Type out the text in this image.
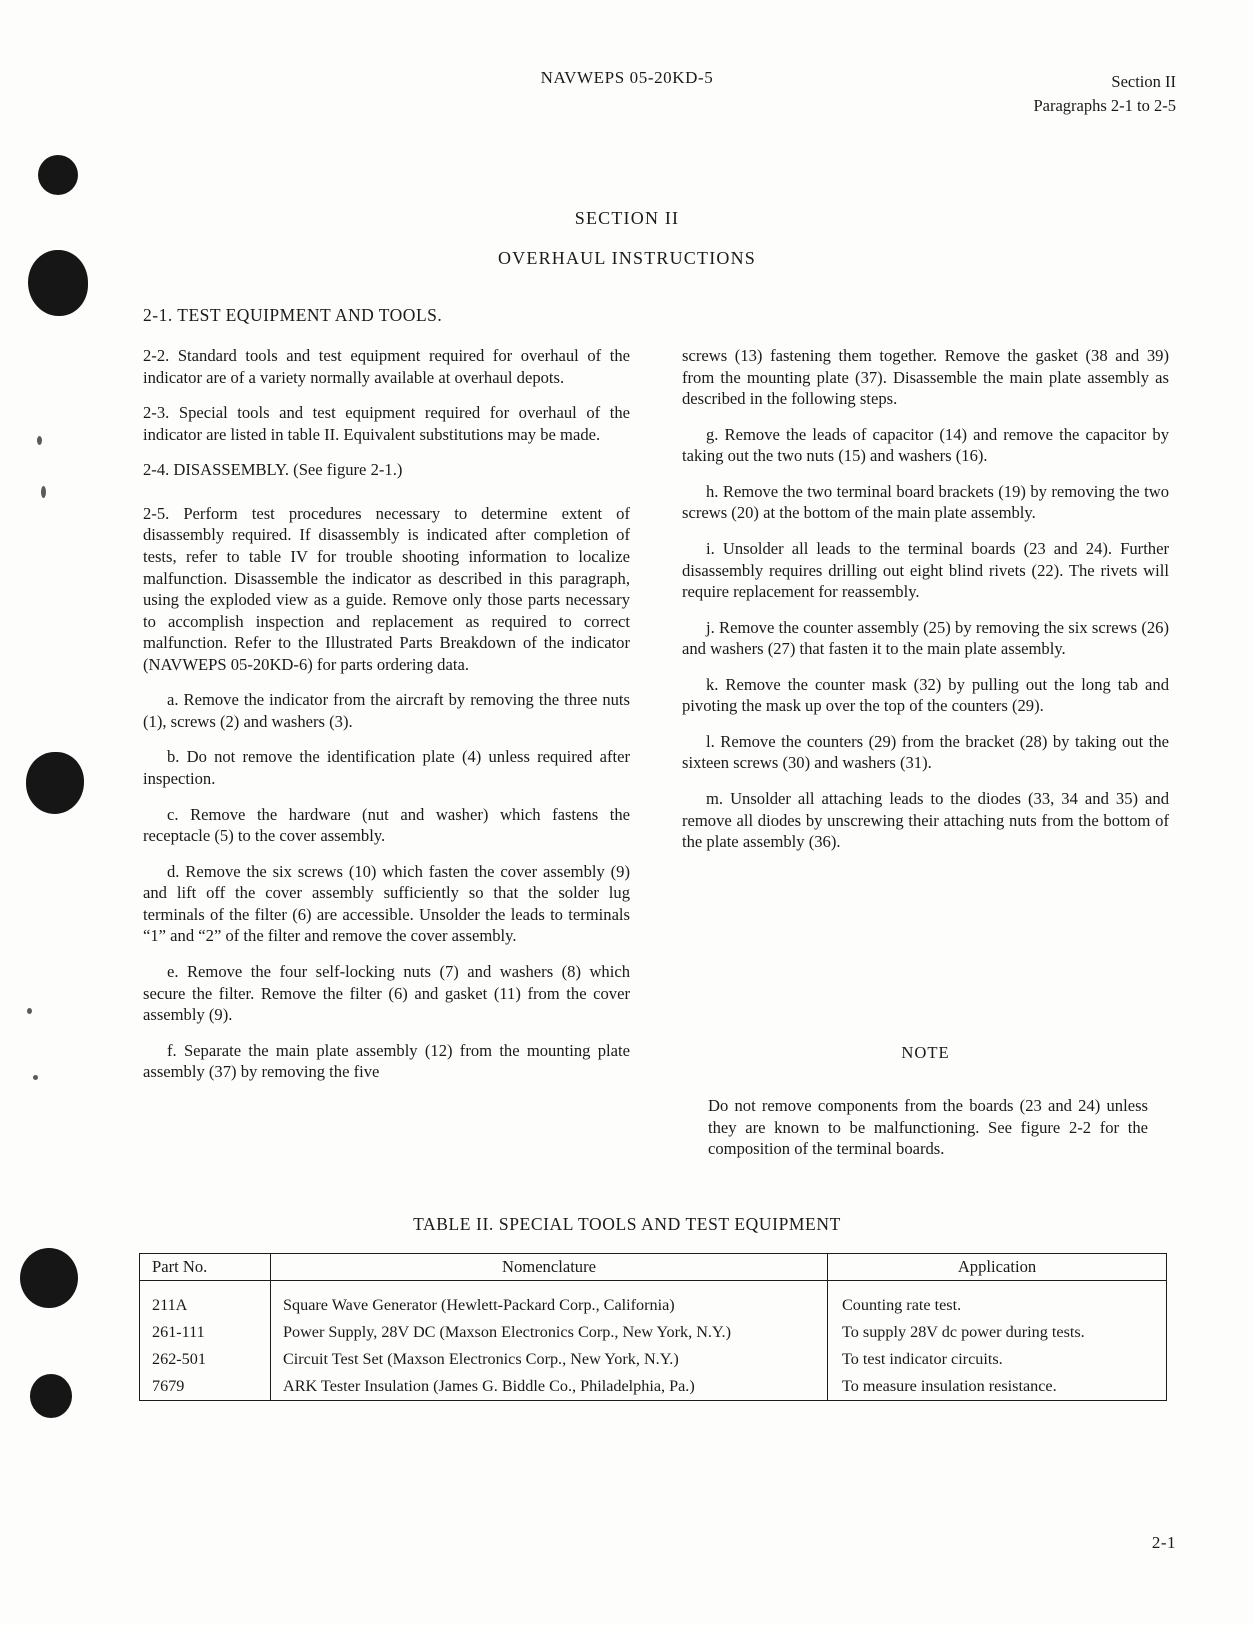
NAVWEPS 05-20KD-5	Section II
Paragraphs 2-1 to 2-5
SECTION II
OVERHAUL INSTRUCTIONS
2-1. TEST EQUIPMENT AND TOOLS.

2-2. Standard tools and test equipment required for overhaul of the indicator are of a variety normally available at overhaul depots.

2-3. Special tools and test equipment required for overhaul of the indicator are listed in table II. Equivalent substitutions may be made.

2-4. DISASSEMBLY. (See figure 2-1.)

2-5. Perform test procedures necessary to determine extent of disassembly required. If disassembly is indicated after completion of tests, refer to table IV for trouble shooting information to localize malfunction. Disassemble the indicator as described in this paragraph, using the exploded view as a guide. Remove only those parts necessary to accomplish inspection and replacement as required to correct malfunction. Refer to the Illustrated Parts Breakdown of the indicator (NAVWEPS 05-20KD-6) for parts ordering data.

a. Remove the indicator from the aircraft by removing the three nuts (1), screws (2) and washers (3).

b. Do not remove the identification plate (4) unless required after inspection.

c. Remove the hardware (nut and washer) which fastens the receptacle (5) to the cover assembly.

d. Remove the six screws (10) which fasten the cover assembly (9) and lift off the cover assembly sufficiently so that the solder lug terminals of the filter (6) are accessible. Unsolder the leads to terminals “1” and “2” of the filter and remove the cover assembly.

e. Remove the four self-locking nuts (7) and washers (8) which secure the filter. Remove the filter (6) and gasket (11) from the cover assembly (9).

f. Separate the main plate assembly (12) from the mounting plate assembly (37) by removing the five

screws (13) fastening them together. Remove the gasket (38 and 39) from the mounting plate (37). Disassemble the main plate assembly as described in the following steps.

g. Remove the leads of capacitor (14) and remove the capacitor by taking out the two nuts (15) and washers (16).

h. Remove the two terminal board brackets (19) by removing the two screws (20) at the bottom of the main plate assembly.

i. Unsolder all leads to the terminal boards (23 and 24). Further disassembly requires drilling out eight blind rivets (22). The rivets will require replacement for reassembly.

j. Remove the counter assembly (25) by removing the six screws (26) and washers (27) that fasten it to the main plate assembly.

k. Remove the counter mask (32) by pulling out the long tab and pivoting the mask up over the top of the counters (29).

l. Remove the counters (29) from the bracket (28) by taking out the sixteen screws (30) and washers (31).

m. Unsolder all attaching leads to the diodes (33, 34 and 35) and remove all diodes by unscrewing their attaching nuts from the bottom of the plate assembly (36).

NOTE
Do not remove components from the boards (23 and 24) unless they are known to be malfunctioning. See figure 2-2 for the composition of the terminal boards.
TABLE II. SPECIAL TOOLS AND TEST EQUIPMENT
Part No.	Nomenclature	Application
211A	Square Wave Generator (Hewlett-Packard Corp., California)	Counting rate test.
261-111	Power Supply, 28V DC (Maxson Electronics Corp., New York, N.Y.)	To supply 28V dc power during tests.
262-501	Circuit Test Set (Maxson Electronics Corp., New York, N.Y.)	To test indicator circuits.
7679	ARK Tester Insulation (James G. Biddle Co., Philadelphia, Pa.)	To measure insulation resistance.
2-1
